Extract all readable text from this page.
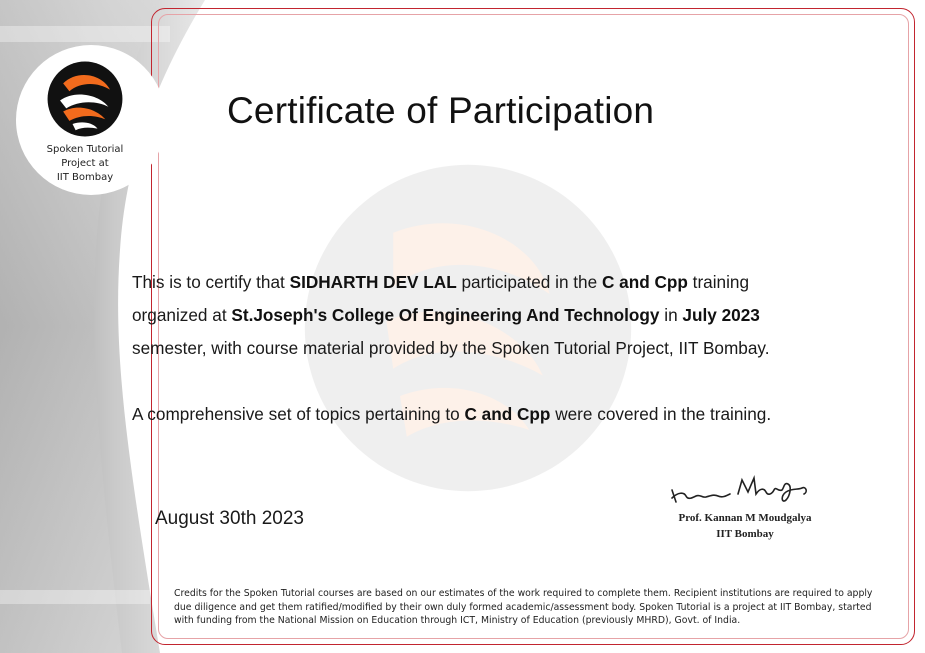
Spoken Tutorial
Project at
IIT Bombay
Certificate of Participation

This is to certify that SIDHARTH DEV LAL participated in the C and Cpp training

organized at St.Joseph's College Of Engineering And Technology in July 2023

semester, with course material provided by the Spoken Tutorial Project, IIT Bombay.

A comprehensive set of topics pertaining to C and Cpp were covered in the training.

August 30th 2023	Prof. Kannan M Moudgalya
IIT Bombay
Credits for the Spoken Tutorial courses are based on our estimates of the work required to complete them. Recipient institutions are required to apply due diligence and get them ratified/modified by their own duly formed academic/assessment body. Spoken Tutorial is a project at IIT Bombay, started with funding from the National Mission on Education through ICT, Ministry of Education (previously MHRD), Govt. of India.
